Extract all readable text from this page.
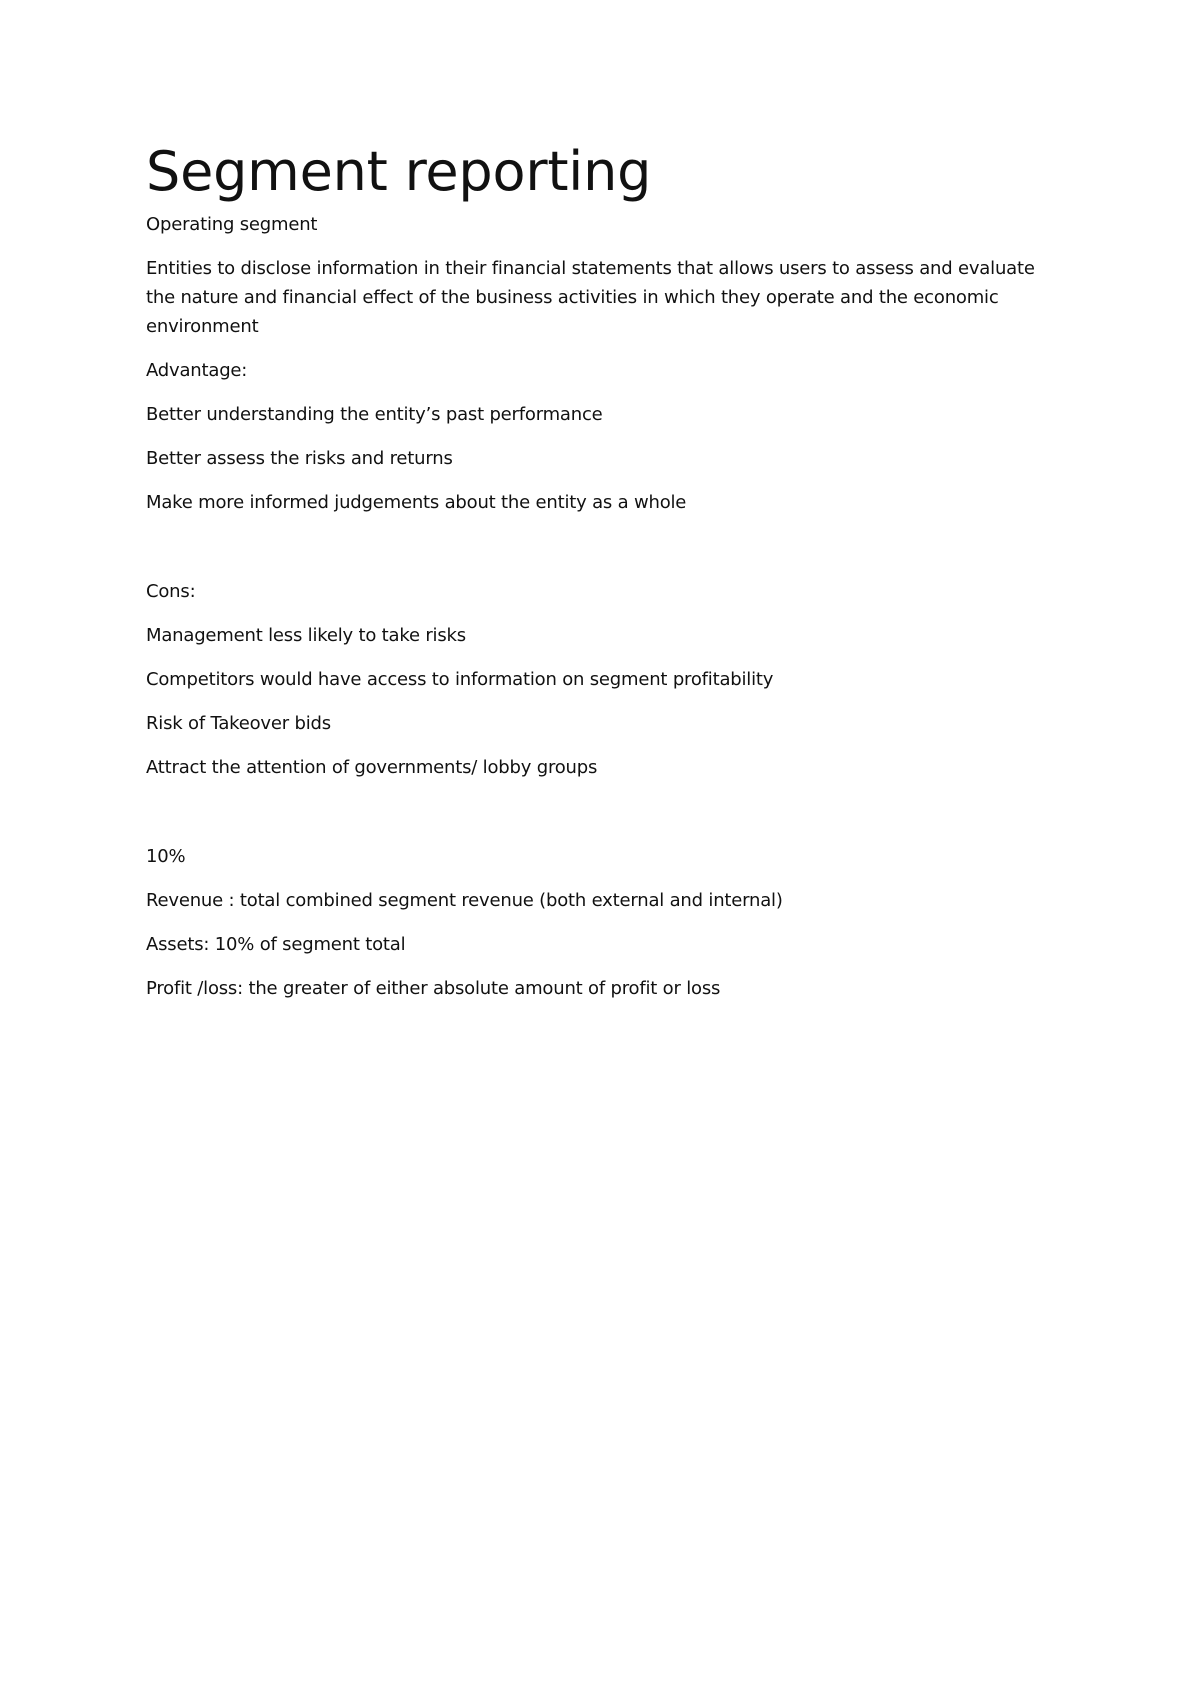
Segment reporting

Operating segment

Entities to disclose information in their financial statements that allows users to assess and evaluate the nature and financial effect of the business activities in which they operate and the economic environment

Advantage:

Better understanding the entity’s past performance

Better assess the risks and returns

Make more informed judgements about the entity as a whole

Cons:

Management less likely to take risks

Competitors would have access to information on segment profitability

Risk of Takeover bids

Attract the attention of governments/ lobby groups

10%

Revenue : total combined segment revenue (both external and internal)

Assets: 10% of segment total

Profit /loss: the greater of either absolute amount of profit or loss
